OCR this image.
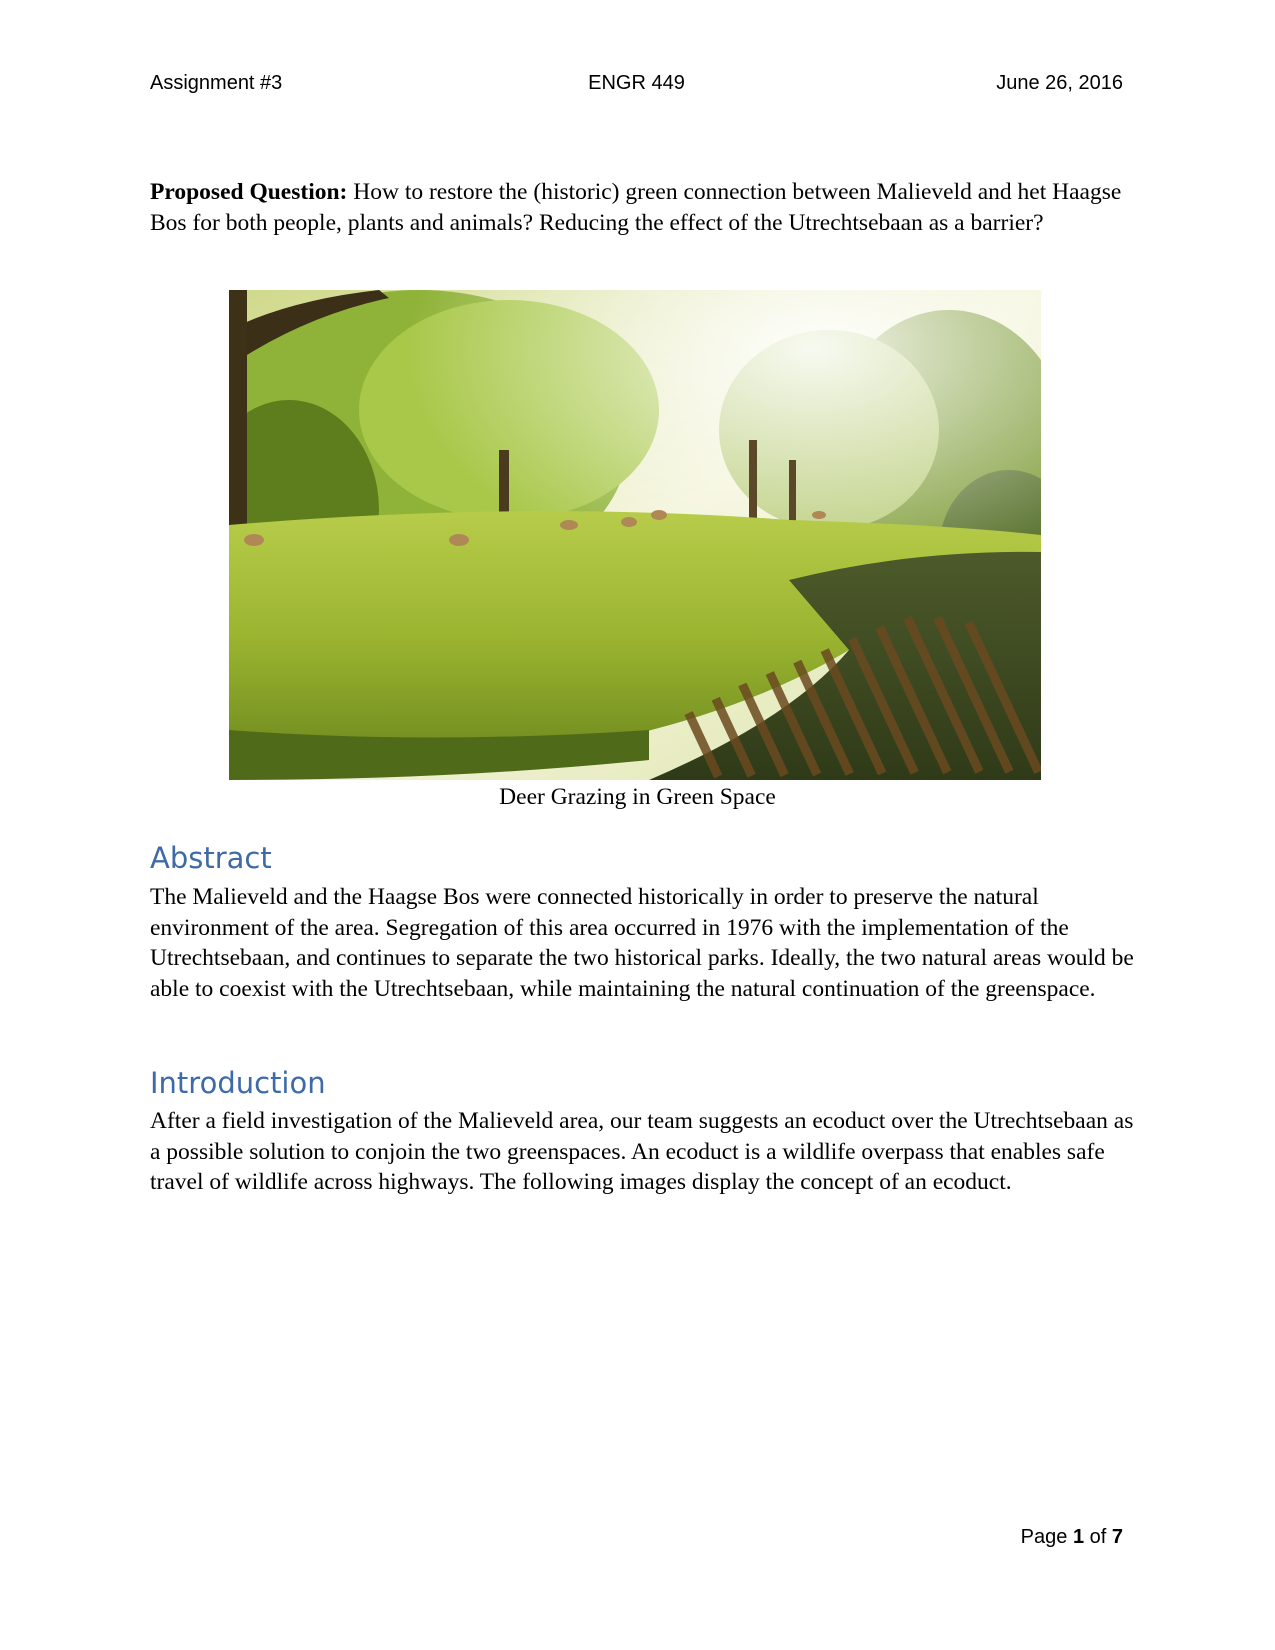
Assignment #3	ENGR 449	June 26, 2016
Proposed Question: How to restore the (historic) green connection between Malieveld and het Haagse Bos for both people, plants and animals? Reducing the effect of the Utrechtsebaan as a barrier?
Deer Grazing in Green Space
Abstract

The Malieveld and the Haagse Bos were connected historically in order to preserve the natural environment of the area. Segregation of this area occurred in 1976 with the implementation of the Utrechtsebaan, and continues to separate the two historical parks. Ideally, the two natural areas would be able to coexist with the Utrechtsebaan, while maintaining the natural continuation of the greenspace.

Introduction

After a field investigation of the Malieveld area, our team suggests an ecoduct over the Utrechtsebaan as a possible solution to conjoin the two greenspaces. An ecoduct is a wildlife overpass that enables safe travel of wildlife across highways. The following images display the concept of an ecoduct.

Page 1 of 7
